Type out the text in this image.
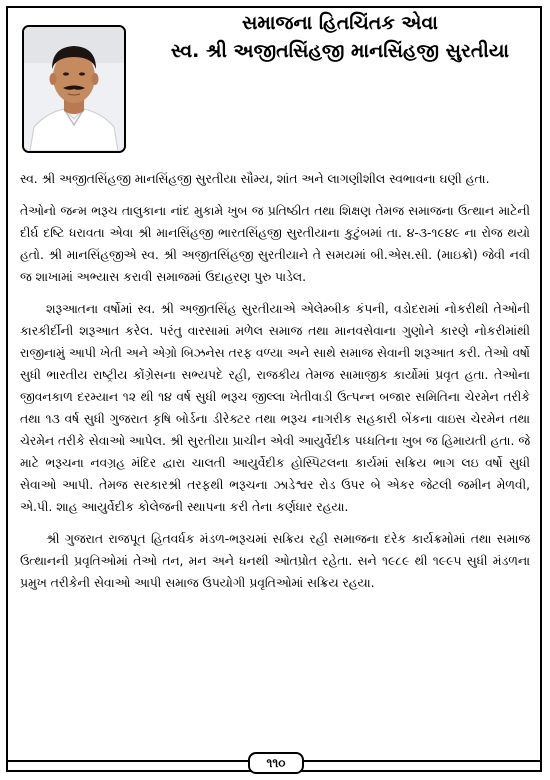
સમાજના હિતચિંતક એવા
સ્વ. શ્રી અજીતસિંહજી માનસિંહજી સુરતીયા

સ્વ. શ્રી અજીતસિંહજી માનસિંહજી સુરતીયા સૌમ્ય, શાંત અને લાગણીશીલ સ્વભાવના ઘણી હતા.

તેઓનો જન્મ ભરૂચ તાલુકાના નાંદ મુકામે ખુબ જ પ્રતિષ્ઠીત તથા શિક્ષણ તેમજ સમાજના ઉત્થાન માટેની દીર્ઘ દષ્ટિ ધરાવતા એવા શ્રી માનસિંહજી ભારતસિંહજી સુરતીયાના કુટુંબમાં તા. ૪-૩-૧૯૪૯ ના રોજ થયો હતો. શ્રી માનસિંહજીએ સ્વ. શ્રી અજીતસિંહજી સુરતીયાને તે સમયમાં બી.એસ.સી. (માઇક્રો) જેવી નવી જ શાખામાં અભ્યાસ કરાવી સમાજમાં ઉદાહરણ પુરુ પાડેલ.

શરૂઆતના વર્ષોમાં સ્વ. શ્રી અજીતસિંહ સુરતીયાએ એલેમ્બીક કંપની, વડોદરામાં નોકરીથી તેઓની કારકીર્દીની શરૂઆત કરેલ. પરંતુ વારસામાં મળેલ સમાજ તથા માનવસેવાના ગુણોને કારણે નોકરીમાંથી રાજીનામું આપી ખેતી અને એગ્રો બિઝનેસ તરફ વળ્યા અને સાથે સમાજ સેવાની શરૂઆત કરી. તેઓ વર્ષો સુધી ભારતીય રાષ્ટ્રીય કોંગ્રેસના સભ્યપદે રહી, રાજકીય તેમજ સામાજીક કાર્યોમાં પ્રવૃત હતા. તેઓના જીવનકાળ દરમ્યાન ૧૨ થી ૧૪ વર્ષ સુધી ભરૂચ જીલ્લા ખેતીવાડી ઉત્પન્ન બજાર સમિતિના ચેરમેન તરીકે તથા ૧૩ વર્ષ સુધી ગુજરાત કૃષિ બોર્ડના ડીરેક્ટર તથા ભરૂચ નાગરીક સહકારી બેંકના વાઇસ ચેરમેન તથા ચેરમેન તરીકે સેવાઓ આપેલ. શ્રી સુરતીયા પ્રાચીન એવી આયુર્વેદીક પધ્ધતિના ખુબ જ હિમાયતી હતા. જે માટે ભરૂચના નવગ્રહ મંદિર દ્વારા ચાલતી આયુર્વેદીક હોસ્પિટલના કાર્યમાં સક્રિય ભાગ લઇ વર્ષો સુધી સેવાઓ આપી. તેમજ સરકારશ્રી તરફથી ભરૂચના ઝાડેશ્વર રોડ ઉપર બે એકર જેટલી જમીન મેળવી, એ.પી. શાહ આયુર્વેદીક કોલેજની સ્થાપના કરી તેના કર્ણધાર રહયા.

શ્રી ગુજરાત રાજપૂત હિતવર્ધક મંડળ-ભરૂચમાં સક્રિય રહી સમાજના દરેક કાર્યક્રમોમાં તથા સમાજ ઉત્થાનની પ્રવૃતિઓમાં તેઓ તન, મન અને ધનથી ઓતપ્રોત રહેતા. સને ૧૯૮૯ થી ૧૯૯૫ સુધી મંડળના પ્રમુખ તરીકેની સેવાઓ આપી સમાજ ઉપયોગી પ્રવૃતિઓમાં સક્રિય રહયા.

૧૧૦
